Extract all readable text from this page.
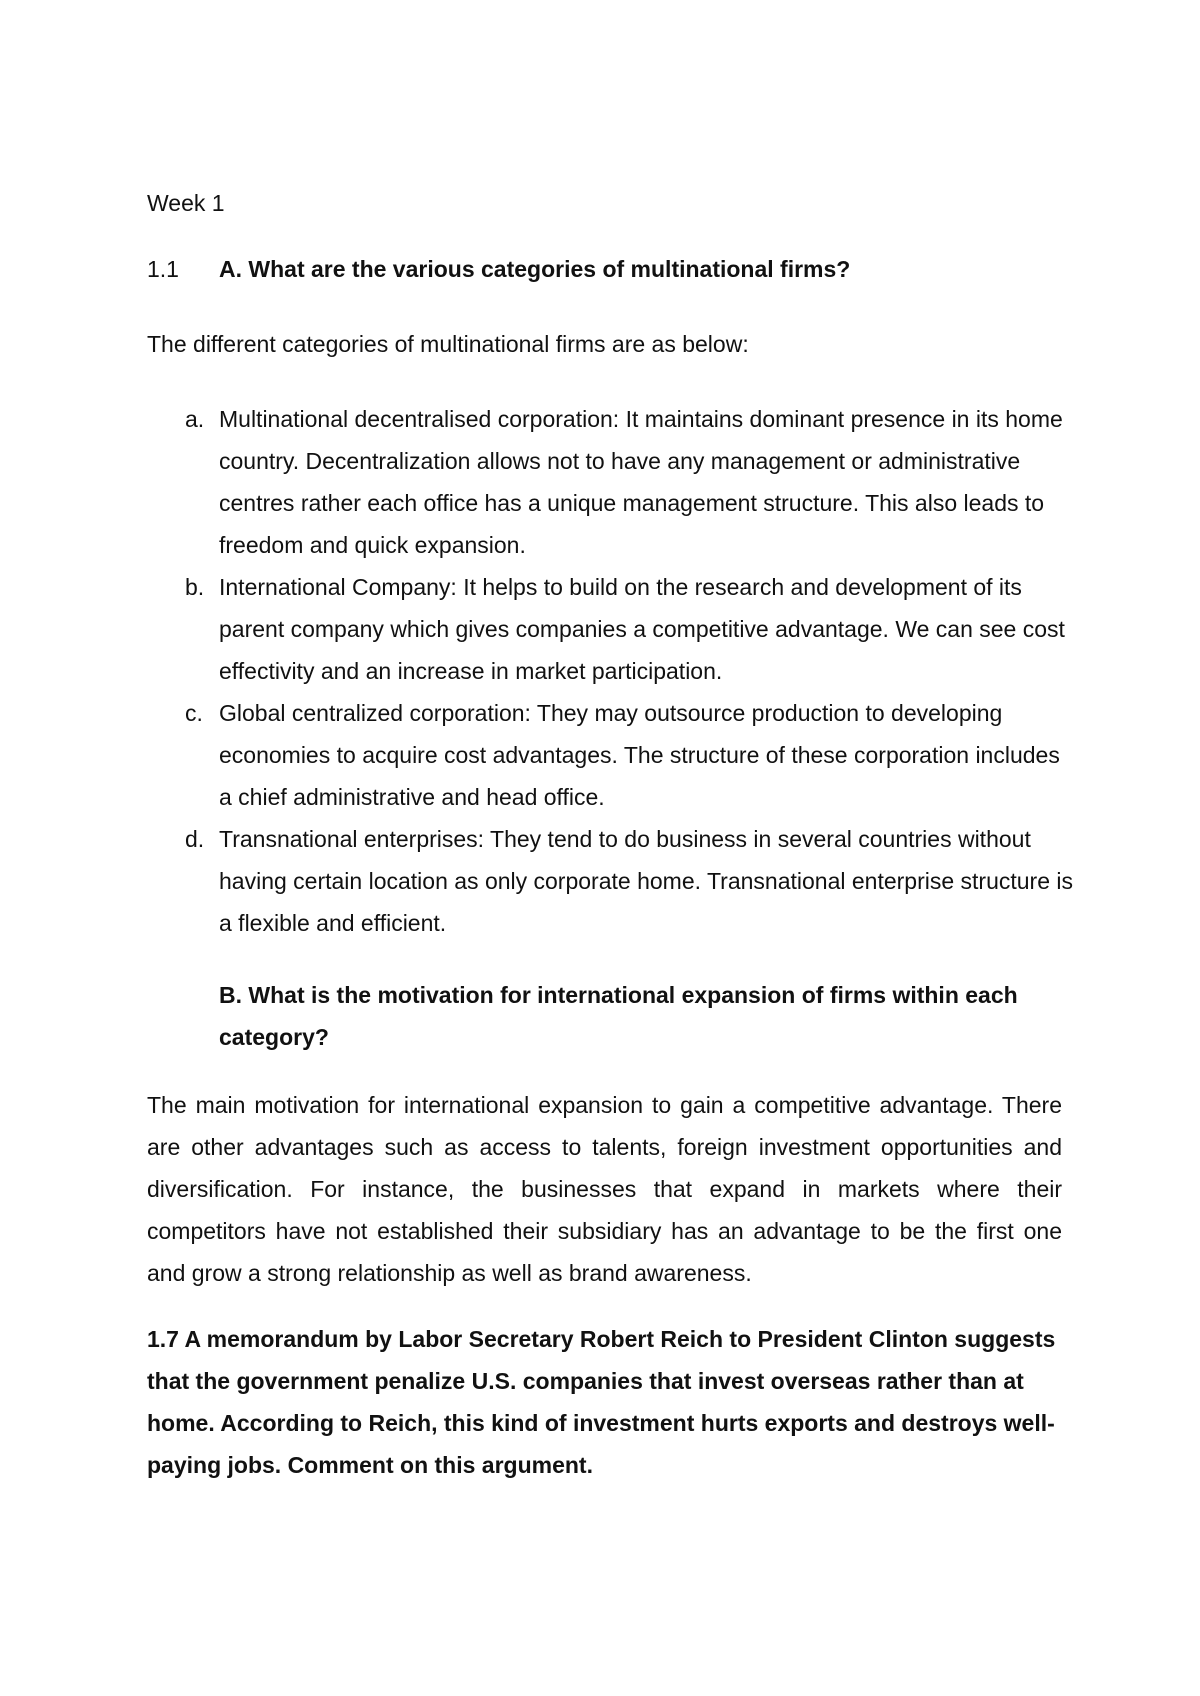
Week 1
1.1 A. What are the various categories of multinational firms?
The different categories of multinational firms are as below:
a. Multinational decentralised corporation: It maintains dominant presence in its home country. Decentralization allows not to have any management or administrative centres rather each office has a unique management structure. This also leads to freedom and quick expansion.
b. International Company: It helps to build on the research and development of its parent company which gives companies a competitive advantage. We can see cost effectivity and an increase in market participation.
c. Global centralized corporation: They may outsource production to developing economies to acquire cost advantages. The structure of these corporation includes a chief administrative and head office.
d. Transnational enterprises: They tend to do business in several countries without having certain location as only corporate home. Transnational enterprise structure is a flexible and efficient.
B. What is the motivation for international expansion of firms within each category?
The main motivation for international expansion to gain a competitive advantage. There are other advantages such as access to talents, foreign investment opportunities and diversification. For instance, the businesses that expand in markets where their competitors have not established their subsidiary has an advantage to be the first one and grow a strong relationship as well as brand awareness.
1.7 A memorandum by Labor Secretary Robert Reich to President Clinton suggests that the government penalize U.S. companies that invest overseas rather than at home. According to Reich, this kind of investment hurts exports and destroys well-paying jobs. Comment on this argument.
